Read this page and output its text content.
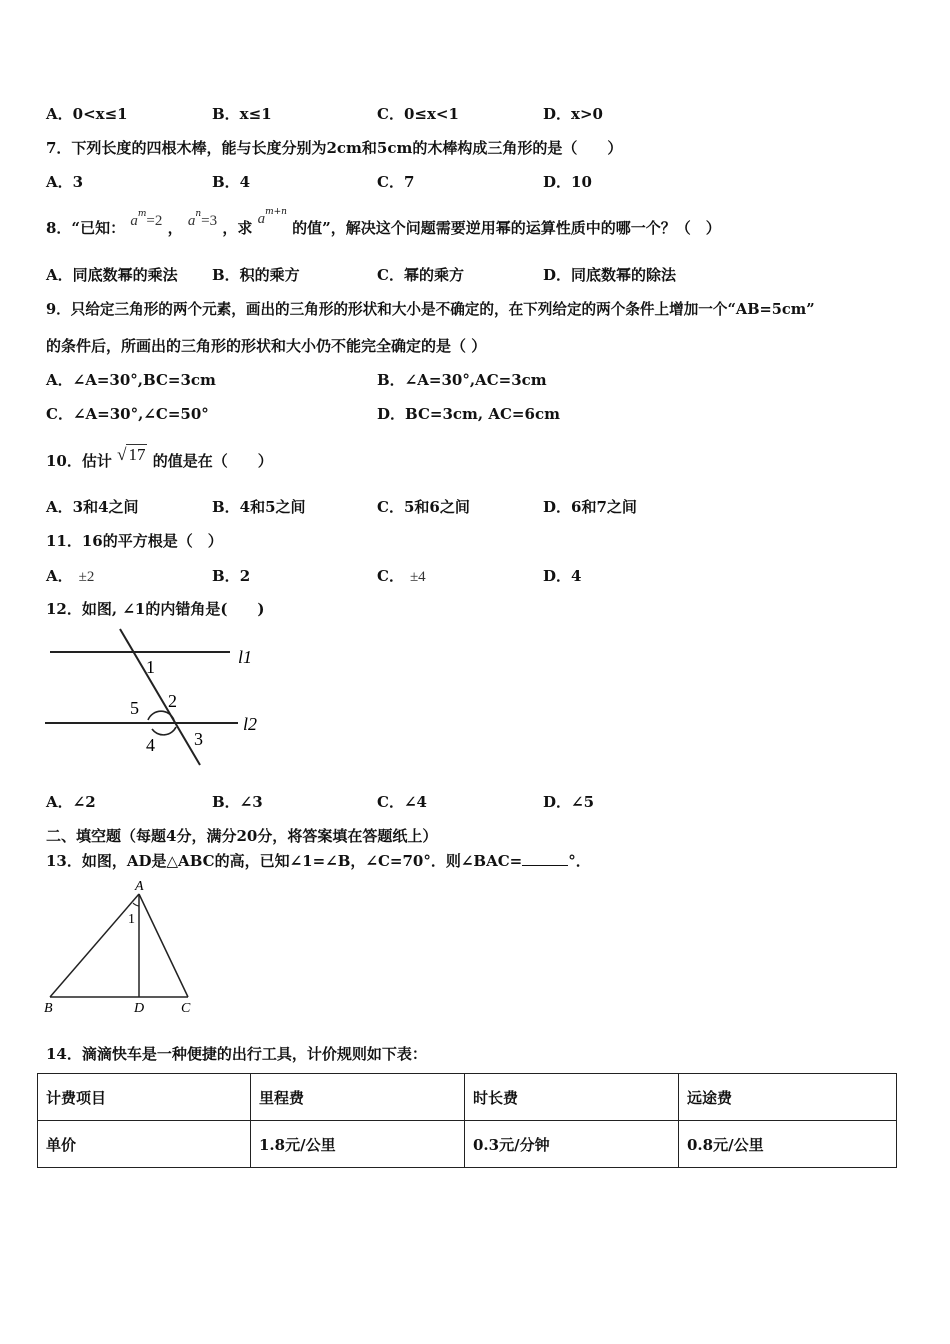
A．0<x≤1	B．x≤1	C．0≤x<1	D．x>0
7．下列长度的四根木棒，能与长度分别为2cm和5cm的木棒构成三角形的是（　　）
A．3	B．4	C．7	D．10
8．“已知： $a^m=2$ ， $a^n=3$ ，求 $a^{m+n}$ 的值”，解决这个问题需要逆用幂的运算性质中的哪一个？（　）
A．同底数幂的乘法 B．积的乘方	C．幂的乘方	D．同底数幂的除法
9．只给定三角形的两个元素，画出的三角形的形状和大小是不确定的，在下列给定的两个条件上增加一个“AB=5cm”
的条件后，所画出的三角形的形状和大小仍不能完全确定的是（ ）
A．∠A=30°,BC=3cm	B．∠A=30°,AC=3cm
C．∠A=30°,∠C=50°	D．BC=3cm, AC=6cm
10．估计 √ 17 的值是在（　　）
A．3和4之间	B．4和5之间	C．5和6之间	D．6和7之间
11．16的平方根是（　）
A． ±2	B．2	C． ±4	D．4
12．如图, ∠1的内错角是(　　)
1
2
3
4
5
l1
l2
A．∠2	B．∠3	C．∠4	D．∠5
二、填空题（每题4分，满分20分，将答案填在答题纸上）
13．如图，AD是△ABC的高，已知∠1=∠B，∠C=70°．则∠BAC=	°．
A
1
B	D	C
14．滴滴快车是一种便捷的出行工具，计价规则如下表：
计费项目	里程费	时长费	远途费
单价	1.8元/公里	0.3元/分钟	0.8元/公里
